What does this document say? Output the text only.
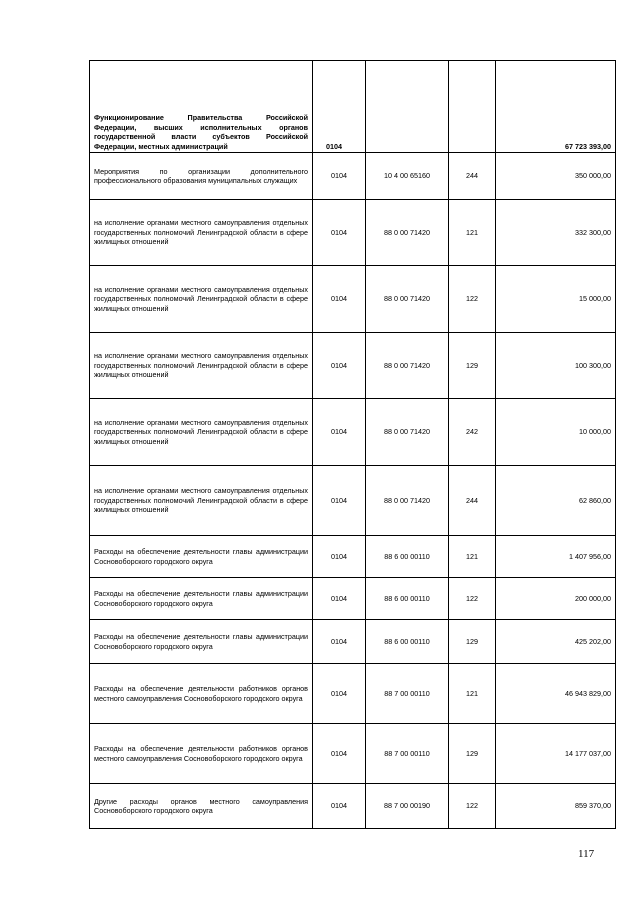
Функционирование Правительства Российской Федерации, высших исполнительных органов государственной власти субъектов Российской Федерации, местных администраций	0104			67 723 393,00
Мероприятия по организации дополнительного профессионального образования муниципальных служащих	0104	10 4 00 65160	244	350 000,00
на исполнение органами местного самоуправления отдельных государственных полномочий Ленинградской области в сфере жилищных отношений	0104	88 0 00 71420	121	332 300,00
на исполнение органами местного самоуправления отдельных государственных полномочий Ленинградской области в сфере жилищных отношений	0104	88 0 00 71420	122	15 000,00
на исполнение органами местного самоуправления отдельных государственных полномочий Ленинградской области в сфере жилищных отношений	0104	88 0 00 71420	129	100 300,00
на исполнение органами местного самоуправления отдельных государственных полномочий Ленинградской области в сфере жилищных отношений	0104	88 0 00 71420	242	10 000,00
на исполнение органами местного самоуправления отдельных государственных полномочий Ленинградской области в сфере жилищных отношений	0104	88 0 00 71420	244	62 860,00
Расходы на обеспечение деятельности главы администрации Сосновоборского городского округа	0104	88 6 00 00110	121	1 407 956,00
Расходы на обеспечение деятельности главы администрации Сосновоборского городского округа	0104	88 6 00 00110	122	200 000,00
Расходы на обеспечение деятельности главы администрации Сосновоборского городского округа	0104	88 6 00 00110	129	425 202,00
Расходы на обеспечение деятельности работников органов местного самоуправления Сосновоборского городского округа	0104	88 7 00 00110	121	46 943 829,00
Расходы на обеспечение деятельности работников органов местного самоуправления Сосновоборского городского округа	0104	88 7 00 00110	129	14 177 037,00
Другие расходы органов местного самоуправления Сосновоборского городского округа	0104	88 7 00 00190	122	859 370,00
117
